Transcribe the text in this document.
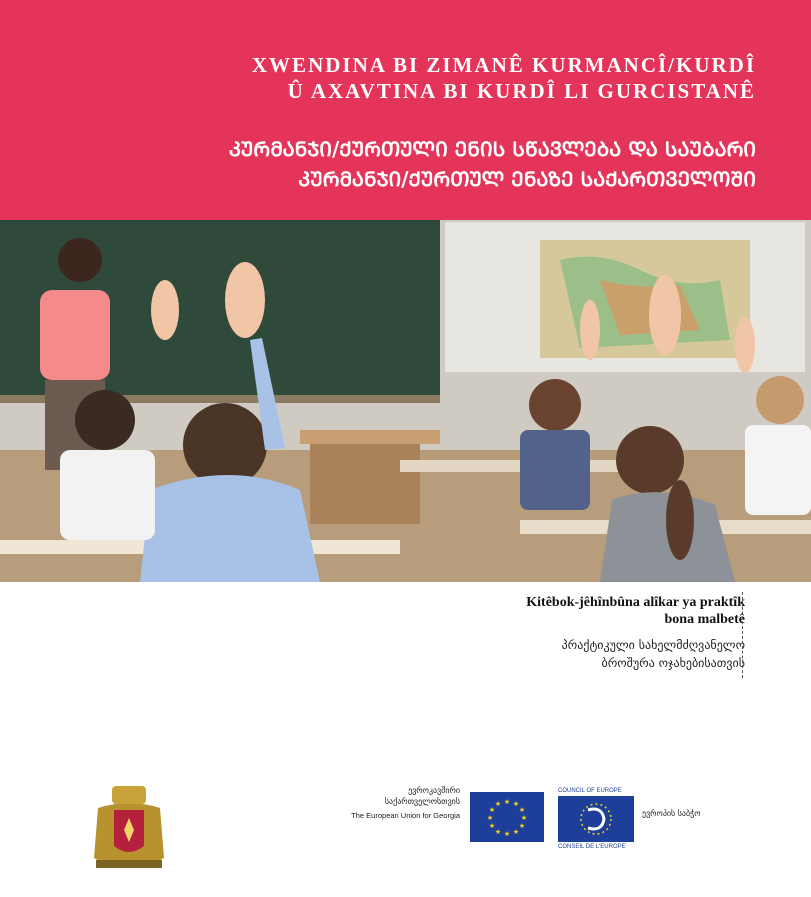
XWENDINA BI ZIMANÊ KURMANCÎ/KURDÎ
Û AXAVTINA BI KURDÎ LI GURCISTANÊ
ᲙᲣᲠᲛᲐᲜᲯᲘ/ᲥᲣᲠᲗᲣᲚᲘ ᲔᲜᲘᲡ ᲡᲬᲐᲕᲚᲔᲑᲐ ᲓᲐ ᲡᲐᲣᲑᲐᲠᲘ
ᲙᲣᲠᲛᲐᲜᲯᲘ/ᲥᲣᲠᲗᲣᲚ ᲔᲜᲐᲖᲔ ᲡᲐᲥᲐᲠᲗᲕᲔᲚᲝᲨᲘ
Kitêbok-jêhînbûna alîkar ya praktîk
bona malbetê
პრაქტიკული სახელმძღვანელო
ბროშურა ოჯახებისათვის
ევროკავშირი
საქართველოსთვის
The European Union for Georgia
★ ★
★
★
★
★
★
★
★
★
★
★
COUNCIL OF EUROPE
CONSEIL DE L'EUROPE
ევროპის საბჭო
